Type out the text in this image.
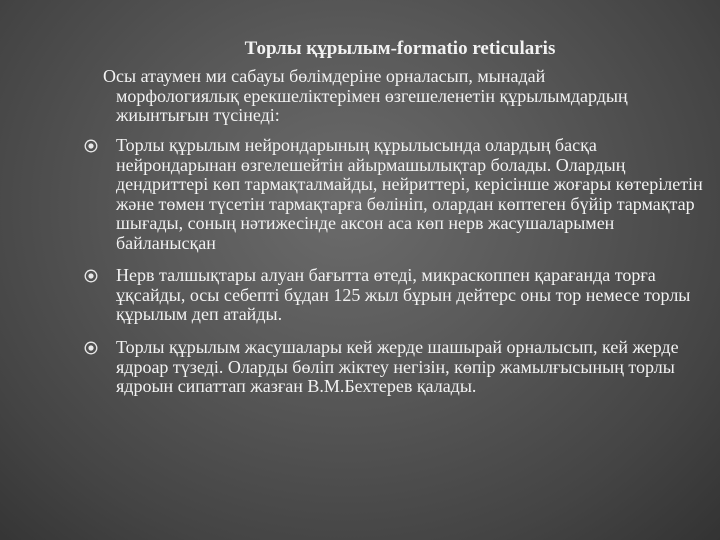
Торлы құрылым-formatio reticularis
Осы атаумен ми сабауы бөлімдеріне орналасып, мынадай
морфологиялық ерекшеліктерімен өзгешеленетін құрылымдардың жиынтығын түсінеді:
Торлы құрылым нейрондарының құрылысында олардың басқа нейрондарынан өзгелешейтін айырмашылықтар болады. Олардың дендриттері көп тармақталмайды, нейриттері, керісінше жоғары көтерілетін және төмен түсетін тармақтарға бөлініп, олардан көптеген бүйір тармақтар шығады, соның нәтижесінде аксон аса көп нерв жасушаларымен байланысқан
Нерв талшықтары алуан бағытта өтеді, микраскоппен қарағанда торға ұқсайды, осы себепті бұдан 125 жыл бұрын дейтерс оны тор немесе торлы құрылым деп атайды.
Торлы құрылым жасушалары кей жерде шашырай орналысып, кей жерде ядроар түзеді. Оларды бөліп жіктеу негізін, көпір жамылғысының торлы ядроын сипаттап жазған В.М.Бехтерев қалады.
